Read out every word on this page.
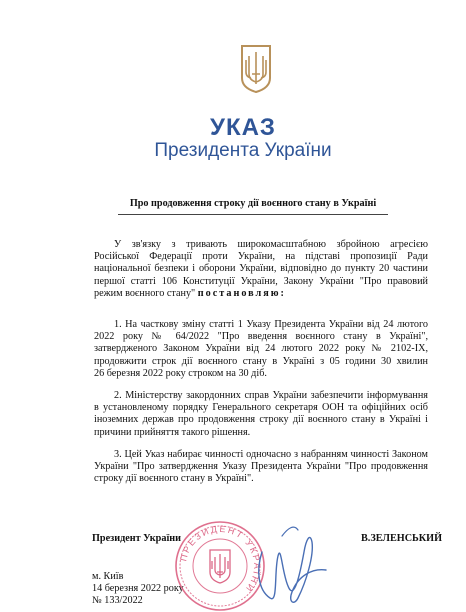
УКАЗ
Президента України
Про продовження строку дії воєнного стану в Україні
У зв'язку з тривають широкомасштабною збройною агресією
Російської Федерації проти України, на підставі пропозиції Ради
національної безпеки і оборони України, відповідно до пункту 20 частини
першої статті 106 Конституції України, Закону України "Про правовий
режим воєнного стану" постановляю:
1. На часткову зміну статті 1 Указу Президента України від 24 лютого
2022 року № 64/2022 "Про введення воєнного стану в Україні",
затвердженого Законом України від 24 лютого 2022 року № 2102-IX,
продовжити строк дії воєнного стану в Україні з 05 години 30 хвилин
26 березня 2022 року строком на 30 діб.
2. Міністерству закордонних справ України забезпечити інформування
в установленому порядку Генерального секретаря ООН та офіційних осіб
іноземних держав про продовження строку дії воєнного стану в Україні і
причини прийняття такого рішення.
3. Цей Указ набирає чинності одночасно з набранням чинності Законом
України "Про затвердження Указу Президента України "Про продовження
строку дії воєнного стану в Україні".
Президент України	В.ЗЕЛЕНСЬКИЙ
м. Київ
14 березня 2022 року
№ 133/2022
ПРЕЗИДЕНТ УКРАЇНИ
